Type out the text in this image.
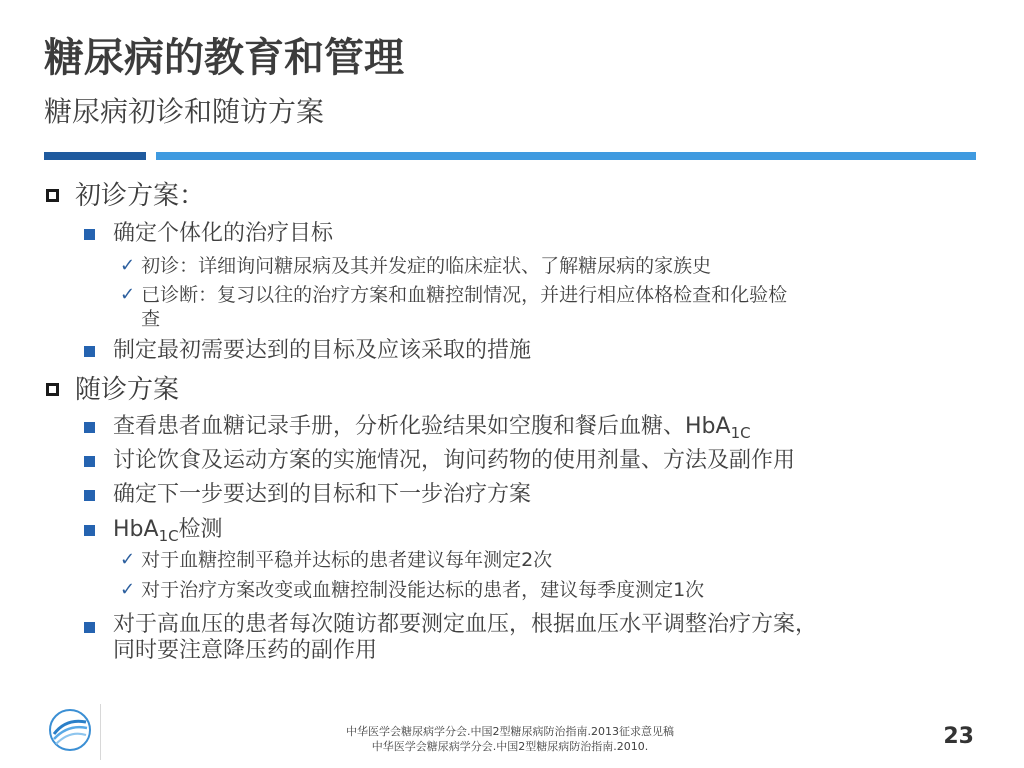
糖尿病的教育和管理
糖尿病初诊和随访方案
初诊方案：
确定个体化的治疗目标
✓ 初诊：详细询问糖尿病及其并发症的临床症状、了解糖尿病的家族史
✓ 已诊断：复习以往的治疗方案和血糖控制情况，并进行相应体格检查和化验检
查
制定最初需要达到的目标及应该采取的措施
随诊方案
查看患者血糖记录手册，分析化验结果如空腹和餐后血糖、HbA$_{1C}$
讨论饮食及运动方案的实施情况，询问药物的使用剂量、方法及副作用
确定下一步要达到的目标和下一步治疗方案
HbA$_{1C}$检测
✓ 对于血糖控制平稳并达标的患者建议每年测定2次
✓ 对于治疗方案改变或血糖控制没能达标的患者，建议每季度测定1次
对于高血压的患者每次随访都要测定血压，根据血压水平调整治疗方案，
同时要注意降压药的副作用
中华医学会糖尿病学分会.中国2型糖尿病防治指南.2013征求意见稿
中华医学会糖尿病学分会.中国2型糖尿病防治指南.2010.	23
